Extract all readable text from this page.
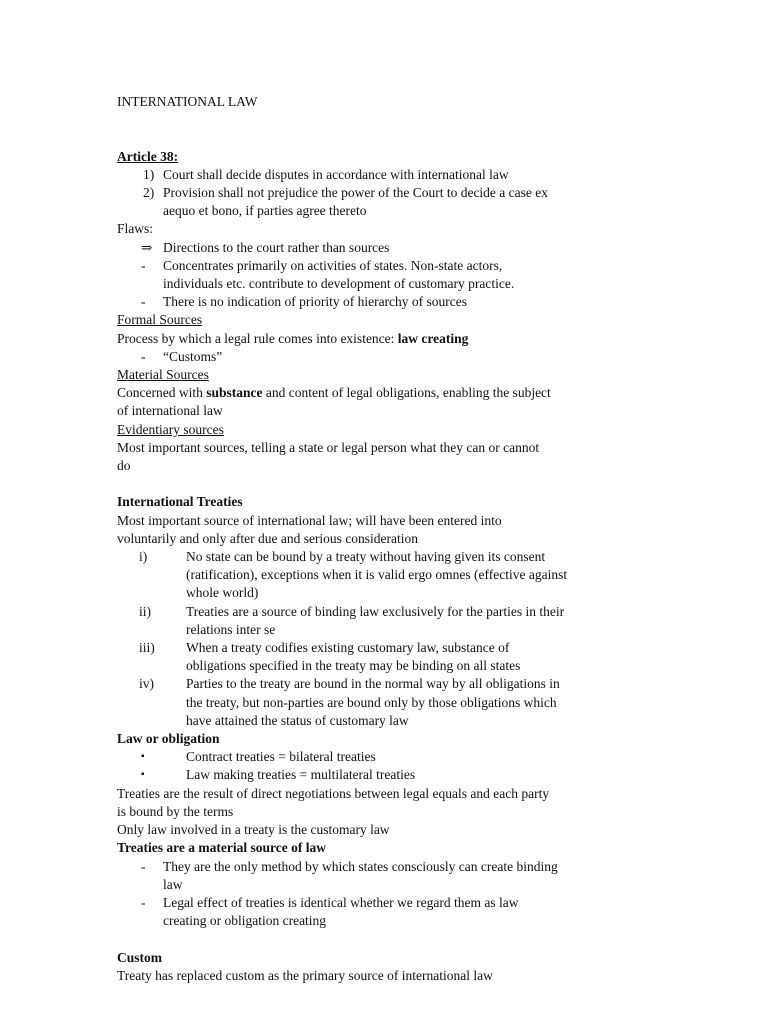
INTERNATIONAL LAW
Article 38:
1) Court shall decide disputes in accordance with international law
2) Provision shall not prejudice the power of the Court to decide a case ex
aequo et bono, if parties agree thereto
Flaws:
⇒ Directions to the court rather than sources
-	Concentrates primarily on activities of states. Non-state actors,
individuals etc. contribute to development of customary practice.
-	There is no indication of priority of hierarchy of sources
Formal Sources
Process by which a legal rule comes into existence: law creating
-	“Customs”
Material Sources
Concerned with substance and content of legal obligations, enabling the subject
of international law
Evidentiary sources
Most important sources, telling a state or legal person what they can or cannot
do
International Treaties
Most important source of international law; will have been entered into
voluntarily and only after due and serious consideration
i)	No state can be bound by a treaty without having given its consent
(ratification), exceptions when it is valid ergo omnes (effective against
whole world)
ii)	Treaties are a source of binding law exclusively for the parties in their
relations inter se
iii)	When a treaty codifies existing customary law, substance of
obligations specified in the treaty may be binding on all states
iv)	Parties to the treaty are bound in the normal way by all obligations in
the treaty, but non-parties are bound only by those obligations which
have attained the status of customary law
Law or obligation
▪	Contract treaties = bilateral treaties
▪	Law making treaties = multilateral treaties
Treaties are the result of direct negotiations between legal equals and each party
is bound by the terms
Only law involved in a treaty is the customary law
Treaties are a material source of law
-	They are the only method by which states consciously can create binding
law
-	Legal effect of treaties is identical whether we regard them as law
creating or obligation creating
Custom
Treaty has replaced custom as the primary source of international law
